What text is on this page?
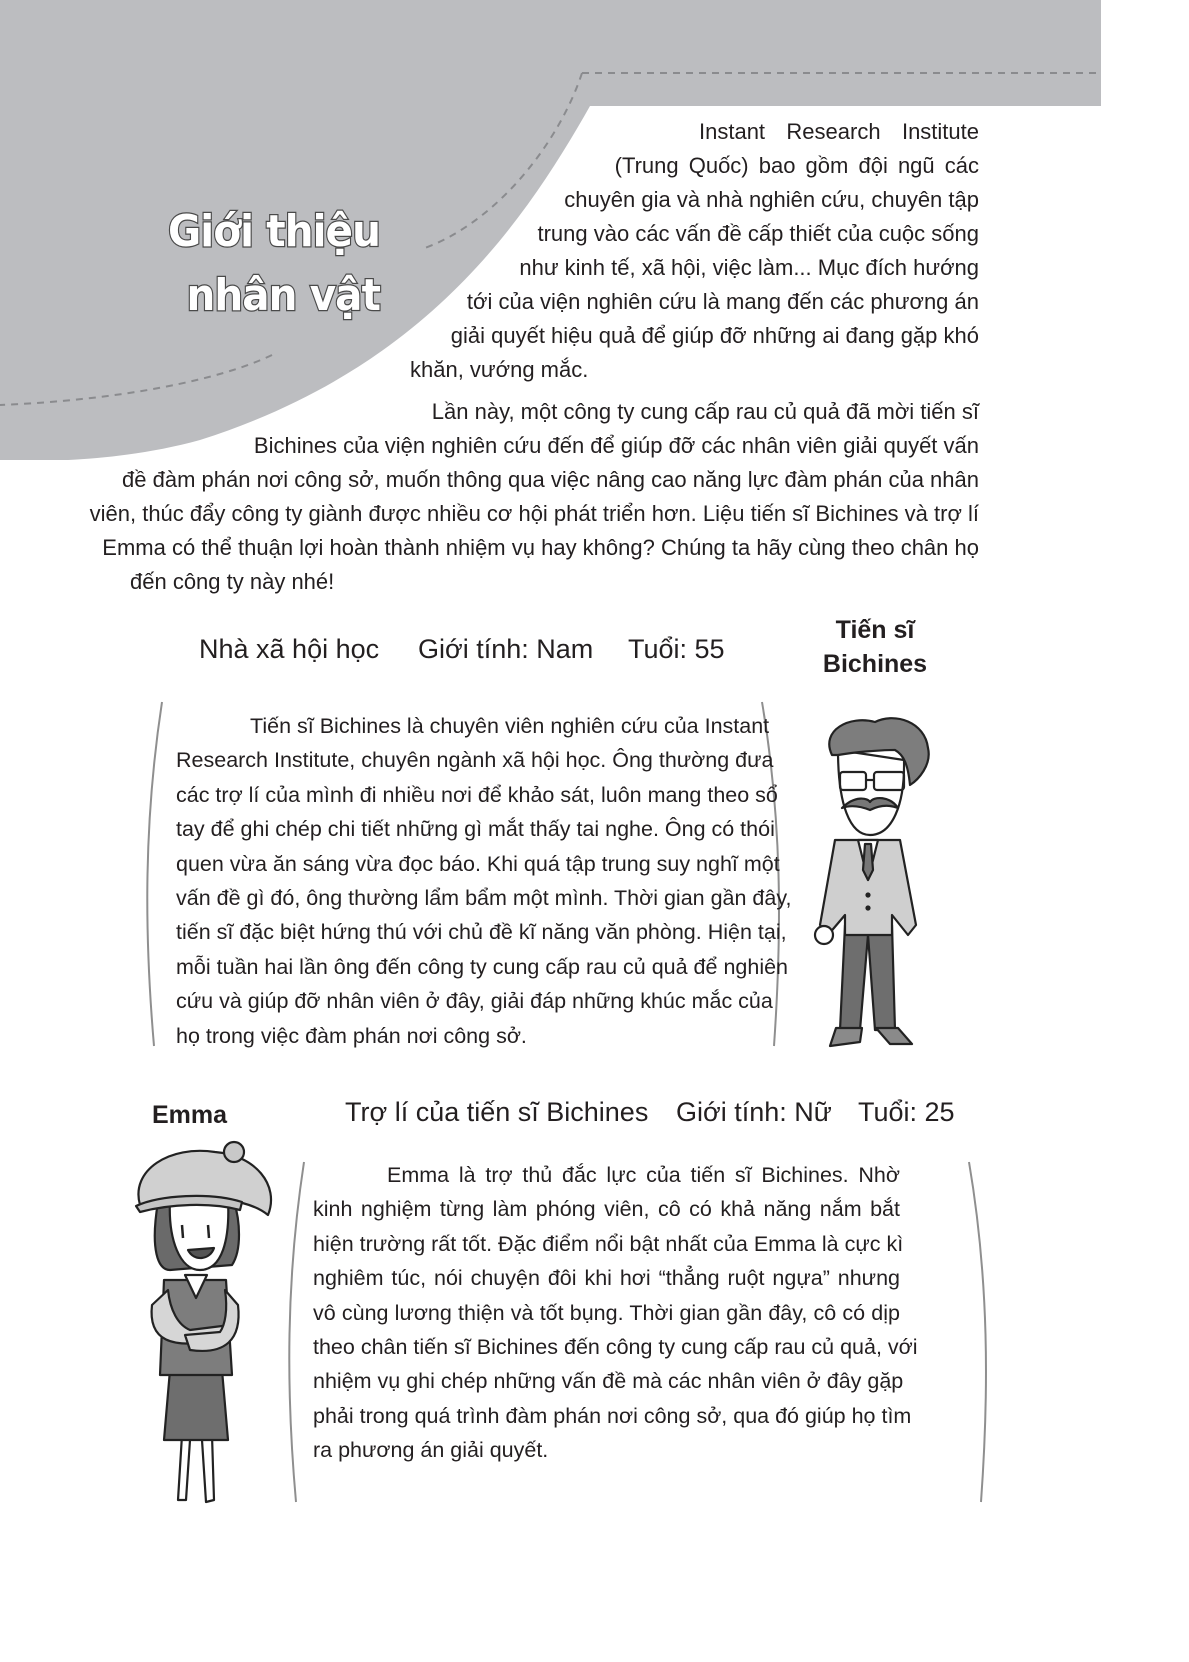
Giới thiệu
nhân vật
Instant Research Institute
(Trung Quốc) bao gồm đội ngũ các
chuyên gia và nhà nghiên cứu, chuyên tập
trung vào các vấn đề cấp thiết của cuộc sống
như kinh tế, xã hội, việc làm... Mục đích hướng
tới của viện nghiên cứu là mang đến các phương án
giải quyết hiệu quả để giúp đỡ những ai đang gặp khó
khăn, vướng mắc.
Lần này, một công ty cung cấp rau củ quả đã mời tiến sĩ
Bichines của viện nghiên cứu đến để giúp đỡ các nhân viên giải quyết vấn
đề đàm phán nơi công sở, muốn thông qua việc nâng cao năng lực đàm phán của nhân
viên, thúc đẩy công ty giành được nhiều cơ hội phát triển hơn. Liệu tiến sĩ Bichines và trợ lí
Emma có thể thuận lợi hoàn thành nhiệm vụ hay không? Chúng ta hãy cùng theo chân họ
đến công ty này nhé!
Nhà xã hội học Giới tính: Nam Tuổi: 55
Tiến sĩ
Bichines
Tiến sĩ Bichines là chuyên viên nghiên cứu của Instant
Research Institute, chuyên ngành xã hội học. Ông thường đưa
các trợ lí của mình đi nhiều nơi để khảo sát, luôn mang theo sổ
tay để ghi chép chi tiết những gì mắt thấy tai nghe. Ông có thói
quen vừa ăn sáng vừa đọc báo. Khi quá tập trung suy nghĩ một
vấn đề gì đó, ông thường lẩm bẩm một mình. Thời gian gần đây,
tiến sĩ đặc biệt hứng thú với chủ đề kĩ năng văn phòng. Hiện tại,
mỗi tuần hai lần ông đến công ty cung cấp rau củ quả để nghiên
cứu và giúp đỡ nhân viên ở đây, giải đáp những khúc mắc của
họ trong việc đàm phán nơi công sở.
Emma	Trợ lí của tiến sĩ Bichines Giới tính: Nữ Tuổi: 25
Emma là trợ thủ đắc lực của tiến sĩ Bichines. Nhờ
kinh nghiệm từng làm phóng viên, cô có khả năng nắm bắt
hiện trường rất tốt. Đặc điểm nổi bật nhất của Emma là cực kì
nghiêm túc, nói chuyện đôi khi hơi “thẳng ruột ngựa” nhưng
vô cùng lương thiện và tốt bụng. Thời gian gần đây, cô có dịp
theo chân tiến sĩ Bichines đến công ty cung cấp rau củ quả, với
nhiệm vụ ghi chép những vấn đề mà các nhân viên ở đây gặp
phải trong quá trình đàm phán nơi công sở, qua đó giúp họ tìm
ra phương án giải quyết.
